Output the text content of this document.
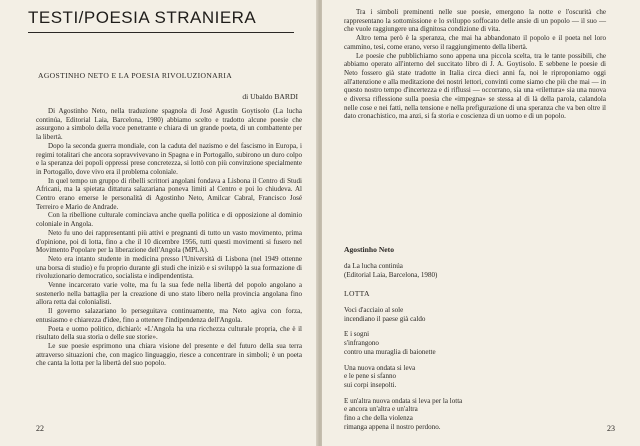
TESTI/POESIA STRANIERA
AGOSTINHO NETO E LA POESIA RIVOLUZIONARIA
di Ubaldo BARDI

Di Agostinho Neto, nella traduzione spagnola di José Agustín Goytisolo (La lucha continúa, Editorial Laia, Barcelona, 1980) abbiamo scelto e tradotto alcune poesie che assurgono a simbolo della voce penetrante e chiara di un grande poeta, di un combattente per la libertà.

Dopo la seconda guerra mondiale, con la caduta del nazismo e del fascismo in Europa, i regimi totalitari che ancora sopravvivevano in Spagna e in Portogallo, subirono un duro colpo e la speranza dei popoli oppressi prese concretezza, si lottò con più convinzione specialmente in Portogallo, dove vivo era il problema coloniale.

In quel tempo un gruppo di ribelli scrittori angolani fondava a Lisbona il Centro di Studi Africani, ma la spietata dittatura salazariana poneva limiti al Centro e poi lo chiudeva. Al Centro erano emerse le personalità di Agostinho Neto, Amilcar Cabral, Francisco José Terreiro e Mario de Andrade.

Con la ribellione culturale cominciava anche quella politica e di opposizione al dominio coloniale in Angola.

Neto fu uno dei rappresentanti più attivi e pregnanti di tutto un vasto movimento, prima d'opinione, poi di lotta, fino a che il 10 dicembre 1956, tutti questi movimenti si fusero nel Movimento Popolare per la liberazione dell'Angola (MPLA).

Neto era intanto studente in medicina presso l'Università di Lisbona (nel 1949 ottenne una borsa di studio) e fu proprio durante gli studi che iniziò e si sviluppò la sua formazione di rivoluzionario democratico, socialista e indipendentista.

Venne incarcerato varie volte, ma fu la sua fede nella libertà del popolo angolano a sostenerlo nella battaglia per la creazione di uno stato libero nella provincia angolana fino allora retta dai colonialisti.

Il governo salazariano lo perseguitava continuamente, ma Neto agiva con forza, entusiasmo e chiarezza d'idee, fino a ottenere l'indipendenza dell'Angola.

Poeta e uomo politico, dichiarò: «L'Angola ha una ricchezza culturale propria, che è il risultato della sua storia o delle sue storie».

Le sue poesie esprimono una chiara visione del presente e del futuro della sua terra attraverso situazioni che, con magico linguaggio, riesce a concentrare in simboli; è un poeta che canta la lotta per la libertà del suo popolo.

22

Tra i simboli preminenti nelle sue poesie, emergono la notte e l'oscurità che rappresentano la sottomissione e lo sviluppo soffocato delle ansie di un popolo — il suo — che vuole raggiungere una dignitosa condizione di vita.

Altro tema però è la speranza, che mai ha abbandonato il popolo e il poeta nel loro cammino, tesi, come erano, verso il raggiungimento della libertà.

Le poesie che pubblichiamo sono appena una piccola scelta, tra le tante possibili, che abbiamo operato all'interno del succitato libro di J. A. Goytisolo. E sebbene le poesie di Neto fossero già state tradotte in Italia circa dieci anni fa, noi le riproponiamo oggi all'attenzione e alla meditazione dei nostri lettori, convinti come siamo che più che mai — in questo nostro tempo d'incertezza e di riflussi — occorrano, sia una «rilettura» sia una nuova e diversa riflessione sulla poesia che «impegna» se stessa al di là della parola, calandola nelle cose e nei fatti, nella tensione e nella prefigurazione di una speranza che va ben oltre il dato cronachistico, ma anzi, si fa storia e coscienza di un uomo e di un popolo.

Agostinho Neto
da La lucha continúa
(Editorial Laia, Barcelona, 1980)
LOTTA
Voci d'acciaio al sole
incendiano il paese già caldo
E i sogni
s'infrangono
contro una muraglia di baionette
Una nuova ondata si leva
e le pene si sfanno
sui corpi insepolti.
E un'altra nuova ondata si leva per la lotta
e ancora un'altra e un'altra
fino a che della violenza
rimanga appena il nostro perdono.	23
